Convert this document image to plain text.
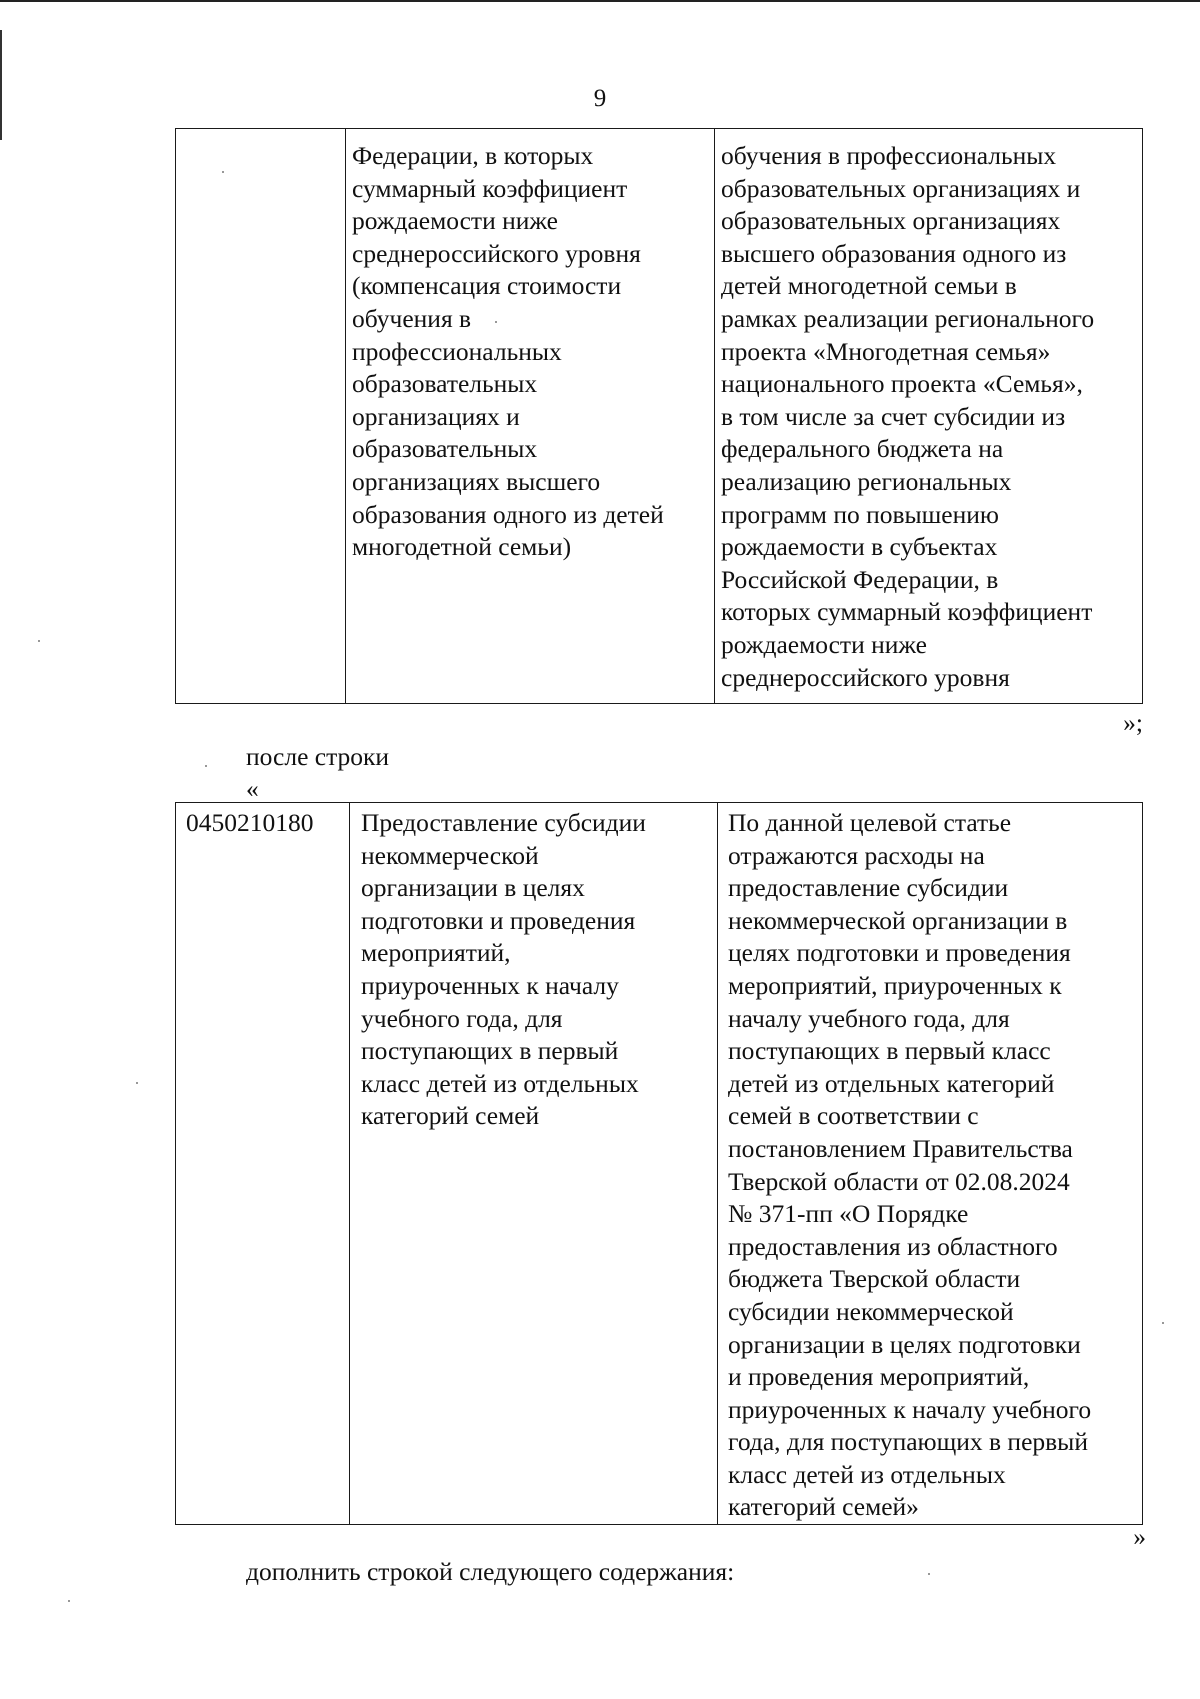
9
	Федерации, в которых
суммарный коэффициент
рождаемости ниже
среднероссийского уровня
(компенсация стоимости
обучения в
профессиональных
образовательных
организациях и
образовательных
организациях высшего
образования одного из детей
многодетной семьи)	обучения в профессиональных
образовательных организациях и
образовательных организациях
высшего образования одного из
детей многодетной семьи в
рамках реализации регионального
проекта «Многодетная семья»
национального проекта «Семья»,
в том числе за счет субсидии из
федерального бюджета на
реализацию региональных
программ по повышению
рождаемости в субъектах
Российской Федерации, в
которых суммарный коэффициент
рождаемости ниже
среднероссийского уровня
»;
после строки
«
0450210180	Предоставление субсидии
некоммерческой
организации в целях
подготовки и проведения
мероприятий,
приуроченных к началу
учебного года, для
поступающих в первый
класс детей из отдельных
категорий семей	По данной целевой статье
отражаются расходы на
предоставление субсидии
некоммерческой организации в
целях подготовки и проведения
мероприятий, приуроченных к
началу учебного года, для
поступающих в первый класс
детей из отдельных категорий
семей в соответствии с
постановлением Правительства
Тверской области от 02.08.2024
№ 371-пп «О Порядке
предоставления из областного
бюджета Тверской области
субсидии некоммерческой
организации в целях подготовки
и проведения мероприятий,
приуроченных к началу учебного
года, для поступающих в первый
класс детей из отдельных
категорий семей»
»
дополнить строкой следующего содержания:
